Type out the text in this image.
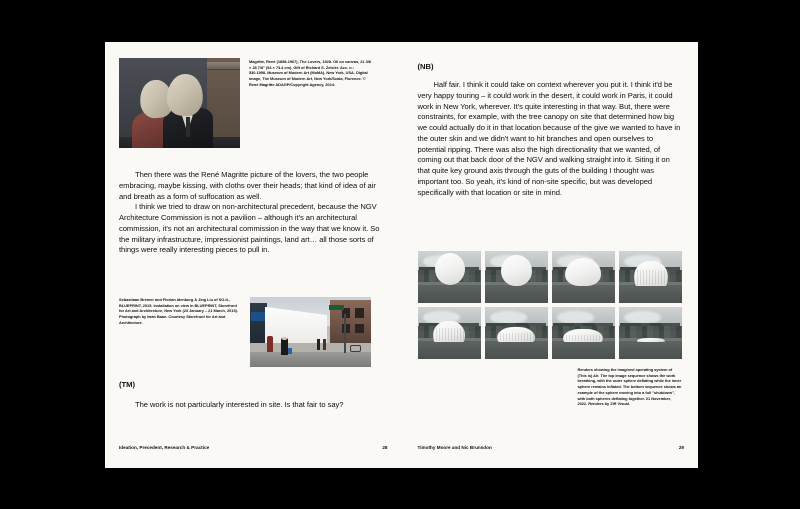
Magritte, René (1898-1967), The Lovers, 1928. Oil on canvas, 21 3/8 × 28 7/8" (54 × 73.4 cm). Gift of Richard S. Zeisler. Acc. n.: 530.1998. Museum of Modern Art (MoMA), New York, USA. Digital image, The Museum of Modern Art, New York/Scala, Florence. © René Magritte ADAGP/Copyright Agency, 2024.

Then there was the René Magritte picture of the lovers, the two people embracing, maybe kissing, with cloths over their heads; that kind of idea of air and breath as a form of suffocation as well.

I think we tried to draw on non-architectural precedent, because the NGV Architecture Commission is not a pavilion – although it's an architectural commission, it's not an architectural commission in the way that we know it. So the military infrastructure, impressionist paintings, land art… all those sorts of things were really interesting pieces to pull in.

Sebastiaan Bremer and Florian Idenburg & Jing Liu of SO-IL, BLUEPRINT, 2015. Installation on view in BLUEPRINT, Storefront for Art and Architecture, New York (23 January – 21 March, 2015). Photograph by Iwan Baan. Courtesy Storefront for Art and Architecture.
(TM)

The work is not particularly interested in site. Is that fair to say?

Ideation, Precedent, Research & Practice	28
(NB)

Half fair. I think it could take on context wherever you put it. I think it'd be very happy touring – it could work in the desert, it could work in Paris, it could work in New York, wherever. It's quite interesting in that way. But, there were constraints, for example, with the tree canopy on site that determined how big we could actually do it in that location because of the give we wanted to have in the outer skin and we didn't want to hit branches and open ourselves to potential ripping. There was also the high directionality that we wanted, of coming out that back door of the NGV and walking straight into it. Siting it on that quite key ground axis through the guts of the building I thought was important too. So yeah, it's kind of non-site specific, but was developed specifically with that location or site in mind.

Renders showing the imagined operating system of (This is) Air. The top image sequence shows the work breathing, with the outer sphere deflating while the inner sphere remains inflated. The bottom sequence shows an example of the sphere moving into a full "shutdown", with both spheres deflating together. 21 November, 2022. Renders by ZiR Visual.
Timothy Moore and Nic Brunsdon	29
